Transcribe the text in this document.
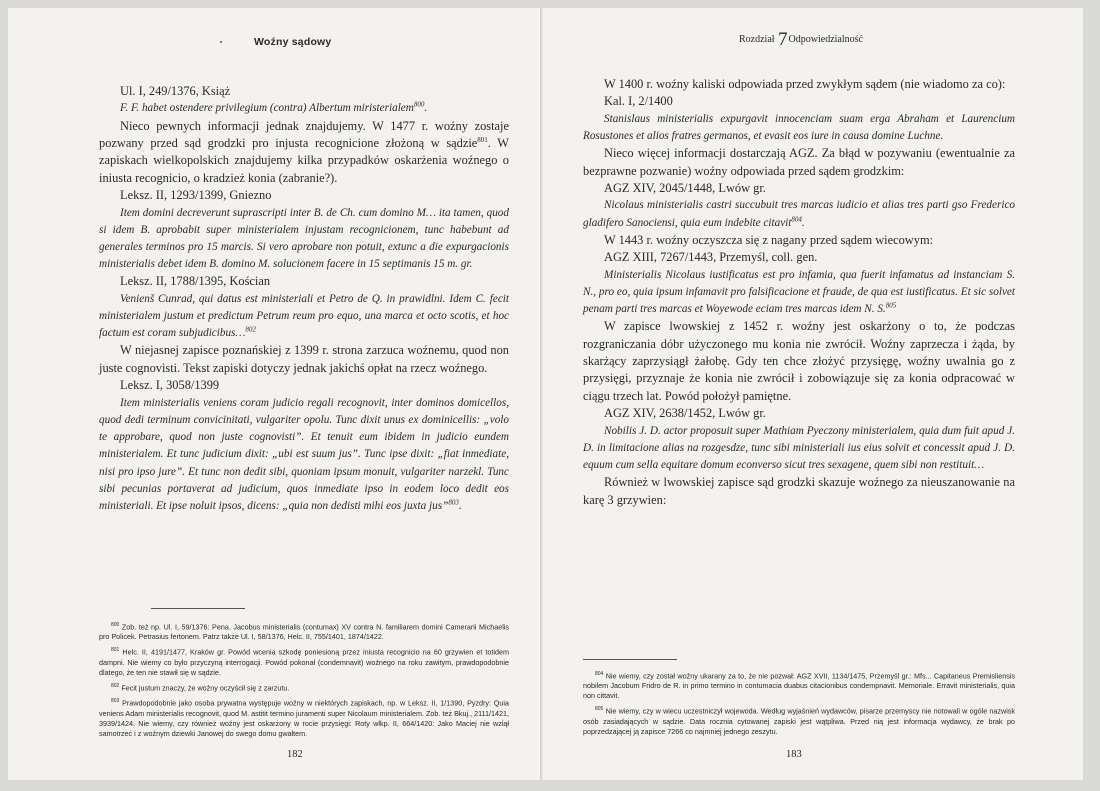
Woźny sądowy

Ul. I, 249/1376, Książ

F. F. habet ostendere privilegium (contra) Albertum miristerialem$^{800}$.

Nieco pewnych informacji jednak znajdujemy. W 1477 r. woźny zostaje pozwany przed sąd grodzki pro injusta recognicione złożoną w sądzie$^{801}$. W zapiskach wielkopolskich znajdujemy kilka przypadków oskarżenia woźnego o iniusta recognicio, o kradzież konia (zabranie?).

Leksz. II, 1293/1399, Gniezno

Item domini decreverunt suprascripti inter B. de Ch. cum domino M… ita tamen, quod si idem B. aprobabit super ministerialem injustam recognicionem, tunc habebunt ad generales terminos pro 15 marcis. Si vero aprobare non potuit, extunc a die expurgacionis ministerialis debet idem B. domino M. solucionem facere in 15 septimanis 15 m. gr.

Leksz. II, 1788/1395, Kościan

Venienš Cunrad, qui datus est ministeriali et Petro de Q. in prawidlni. Idem C. fecit ministerialem justum et predictum Petrum reum pro equo, una marca et octo scotis, et hoc factum est coram subjudicibus…$^{802}$

W niejasnej zapisce poznańskiej z 1399 r. strona zarzuca woźnemu, quod non juste cognovisti. Tekst zapiski dotyczy jednak jakichś opłat na rzecz woźnego.

Leksz. I, 3058/1399

Item ministerialis veniens coram judicio regali recognovit, inter dominos domicellos, quod dedi terminum convicinitati, vulgariter opolu. Tunc dixit unus ex dominicellis: „volo te approbare, quod non juste cognovisti”. Et tenuit eum ibidem in judicio eundem ministerialem. Et tunc judicium dixit: „ubi est suum jus”. Tunc ipse dixit: „fiat inmediate, nisi pro ipso jure”. Et tunc non dedit sibi, quoniam ipsum monuit, vulgariter narzekl. Tunc sibi pecunias portaverat ad judicium, quos inmediate ipso in eodem loco dedit eos ministeriali. Et ipse noluit ipsos, dicens: „quia non dedisti mihi eos juxta jus”$^{803}$.

$^{800}$ Zob. też np. Ul. I, 59/1376: Pena. Jacobus ministerialis (contumax) XV contra N. familiarem domini Camerarii Michaelis pro Policek. Petrasius fertonem. Patrz także Ul. I, 58/1376, Helc. II, 755/1401, 1874/1422.

$^{801}$ Helc. II, 4191/1477, Kraków gr. Powód wcenia szkodę poniesioną przez iniusta recognicio na 60 grzywien et totidem dampni. Nie wiemy co było przyczyną interrogacji. Powód pokonał (condemnavit) woźnego na roku zawitym, prawdopodobnie dlatego, że ten nie stawił się w sądzie.

$^{802}$ Fecit justum znaczy, że woźny oczyścił się z zarzutu.

$^{803}$ Prawdopodobnie jako osoba prywatna występuje woźny w niektórych zapiskach, np. w Leksz. II, 1/1390, Pyzdry: Quia veniens Adam ministerialis recognovit, quod M. astitit termino juramenti super Nicolaum ministerialem. Zob. też Bkuj., 2111/1421, 3939/1424. Nie wiemy, czy również woźny jest oskarżony w rocie przysięgi: Roty wlkp. II, 664/1420: Jako Maciej nie wziął samotrzeć i z woźnym dziewki Janowej do swego domu gwałtem.

182
Rozdział 7Odpowiedzialność

W 1400 r. woźny kaliski odpowiada przed zwykłym sądem (nie wiadomo za co):

Kal. I, 2/1400

Stanislaus ministerialis expurgavit innocenciam suam erga Abraham et Laurencium Rosustones et alios fratres germanos, et evasit eos iure in causa domine Luchne.

Nieco więcej informacji dostarczają AGZ. Za błąd w pozywaniu (ewentualnie za bezprawne pozwanie) woźny odpowiada przed sądem grodzkim:

AGZ XIV, 2045/1448, Lwów gr.

Nicolaus ministerialis castri succubuit tres marcas iudicio et alias tres parti gso Frederico gladifero Sanociensi, quia eum indebite citavit$^{804}$.

W 1443 r. woźny oczyszcza się z nagany przed sądem wiecowym:

AGZ XIII, 7267/1443, Przemyśl, coll. gen.

Ministerialis Nicolaus iustificatus est pro infamia, qua fuerit infamatus ad instanciam S. N., pro eo, quia ipsum infamavit pro falsificacione et fraude, de qua est iustificatus. Et sic solvet penam parti tres marcas et Woyewode eciam tres marcas idem N. S.$^{805}$

W zapisce lwowskiej z 1452 r. woźny jest oskarżony o to, że podczas rozgraniczania dóbr użyczonego mu konia nie zwrócił. Woźny zaprzecza i żąda, by skarżący zaprzysiągł żałobę. Gdy ten chce złożyć przysięgę, woźny uwalnia go z przysięgi, przyznaje że konia nie zwrócił i zobowiązuje się za konia odpracować w ciągu trzech lat. Powód położył pamiętne.

AGZ XIV, 2638/1452, Lwów gr.

Nobilis J. D. actor proposuit super Mathiam Pyeczony ministerialem, quia dum fuit apud J. D. in limitacione alias na rozgesdze, tunc sibi ministeriali ius eius solvit et concessit apud J. D. equum cum sella equitare domum econverso sicut tres sexagene, quem sibi non restituit…

Również w lwowskiej zapisce sąd grodzki skazuje woźnego za nieuszanowanie na karę 3 grzywien:

$^{804}$ Nie wiemy, czy został woźny ukarany za to, że nie pozwał: AGZ XVII, 1134/1475, Przemyśl gr.: Mfs... Capitaneus Premisliensis nobilem Jacobum Fridro de R. in primo termino in contumacia duabus citacionibus condempnavit. Memoriale. Erravit ministerialis, quia non cittavit.

$^{805}$ Nie wiemy, czy w wiecu uczestniczył wojewoda. Według wyjaśnień wydawców, pisarze przemyscy nie notowali w ogóle nazwisk osób zasiadających w sądzie. Data rocznia cytowanej zapiski jest wątpliwa. Przed nią jest informacja wydawcy, że brak po poprzedzającej ją zapisce 7266 co najmniej jednego zeszytu.

183
